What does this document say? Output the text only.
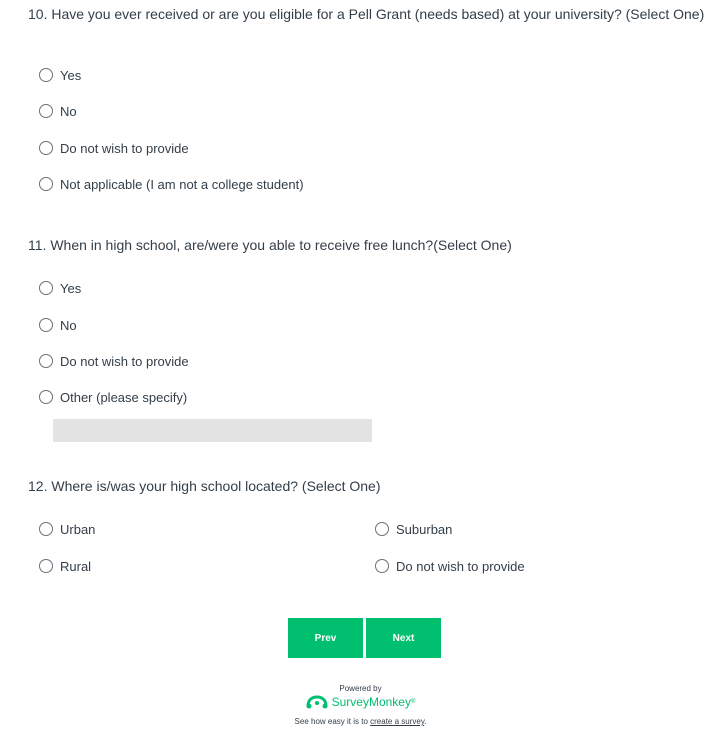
10. Have you ever received or are you eligible for a Pell Grant (needs based) at your university? (Select One)

Yes
No
Do not wish to provide
Not applicable (I am not a college student)

11. When in high school, are/were you able to receive free lunch?(Select One)

Yes
No
Do not wish to provide
Other (please specify)

12. Where is/was your high school located? (Select One)

Urban	Suburban
Rural	Do not wish to provide
Prev	Next
Powered by
SurveyMonkey ®
See how easy it is to create a survey.
